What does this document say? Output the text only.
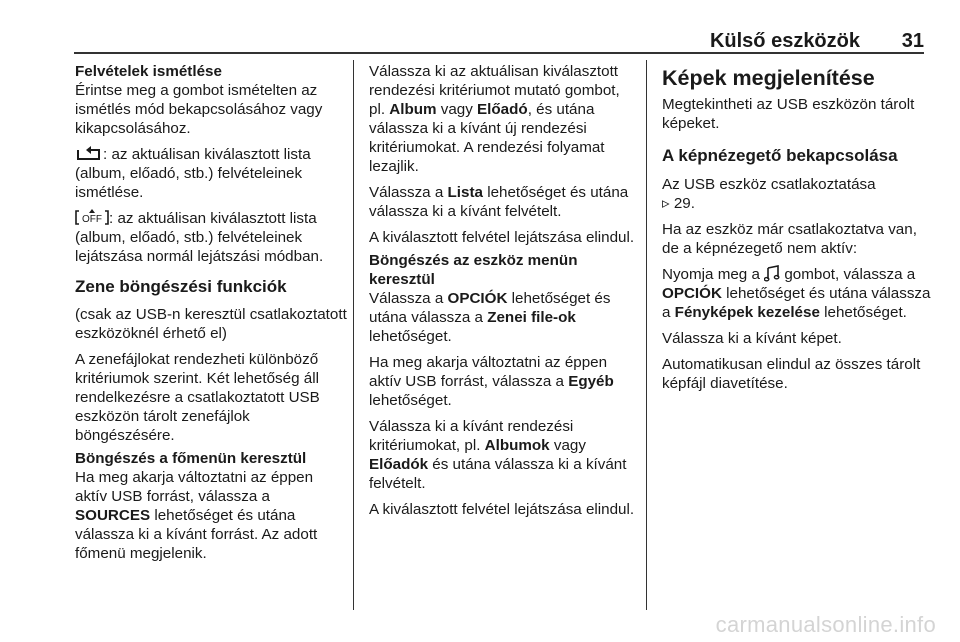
Külső eszközök 31
Felvételek ismétlése

Érintse meg a gombot ismételten az ismétlés mód bekapcsolásához vagy kikapcsolásához.

: az aktuálisan kiválasztott lista (album, előadó, stb.) felvételeinek ismétlése.

OFF : az aktuálisan kiválasztott lista (album, előadó, stb.) felvételeinek lejátszása normál lejátszási módban.

Zene böngészési funkciók

(csak az USB-n keresztül csatlakoztatott eszközöknél érhető el)

A zenefájlokat rendezheti különböző kritériumok szerint. Két lehetőség áll rendelkezésre a csatlakoztatott USB eszközön tárolt zenefájlok böngészésére.

Böngészés a főmenün keresztül

Ha meg akarja változtatni az éppen aktív USB forrást, válassza a SOURCES lehetőséget és utána válassza ki a kívánt forrást. Az adott főmenü megjelenik.

Válassza ki az aktuálisan kiválasztott rendezési kritériumot mutató gombot, pl. Album vagy Előadó, és utána válassza ki a kívánt új rendezési kritériumokat. A rendezési folyamat lezajlik.

Válassza a Lista lehetőséget és utána válassza ki a kívánt felvételt.

A kiválasztott felvétel lejátszása elindul.

Böngészés az eszköz menün keresztül

Válassza a OPCIÓK lehetőséget és utána válassza a Zenei file-ok lehetőséget.

Ha meg akarja változtatni az éppen aktív USB forrást, válassza a Egyéb lehetőséget.

Válassza ki a kívánt rendezési kritériumokat, pl. Albumok vagy Előadók és utána válassza ki a kívánt felvételt.

A kiválasztott felvétel lejátszása elindul.

Képek megjelenítése

Megtekintheti az USB eszközön tárolt képeket.

A képnézegető bekapcsolása

Az USB eszköz csatlakoztatása
▹ 29.

Ha az eszköz már csatlakoztatva van, de a képnézegető nem aktív:

Nyomja meg a  gombot, válassza a OPCIÓK lehetőséget és utána válassza a Fényképek kezelése lehetőséget.

Válassza ki a kívánt képet.

Automatikusan elindul az összes tárolt képfájl diavetítése.

carmanualsonline.info
